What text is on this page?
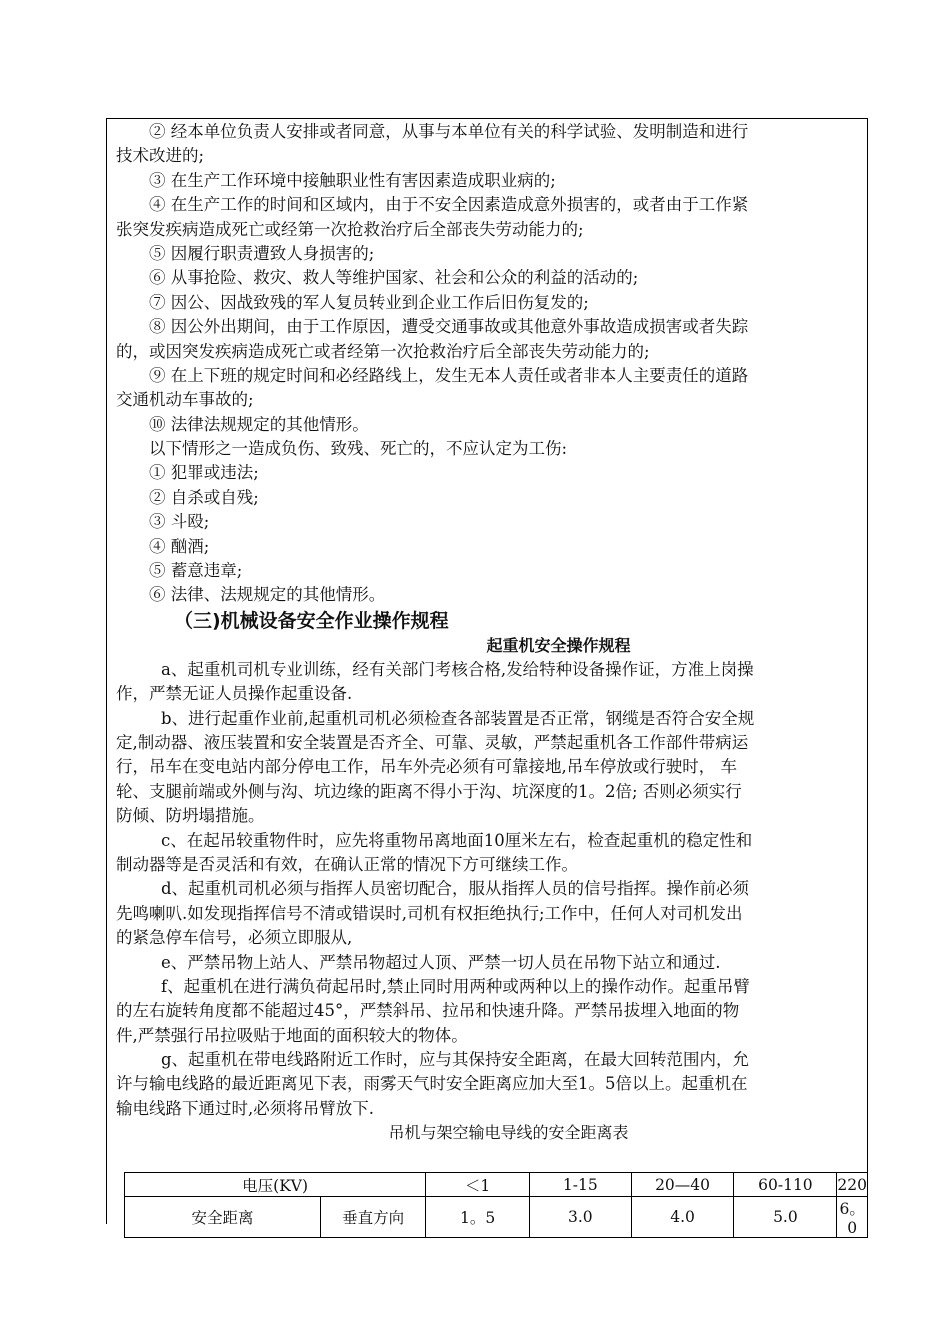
② 经本单位负责人安排或者同意，从事与本单位有关的科学试验、发明制造和进行
技术改进的;
③ 在生产工作环境中接触职业性有害因素造成职业病的;
④ 在生产工作的时间和区域内，由于不安全因素造成意外损害的，或者由于工作紧
张突发疾病造成死亡或经第一次抢救治疗后全部丧失劳动能力的;
⑤ 因履行职责遭致人身损害的;
⑥ 从事抢险、救灾、救人等维护国家、社会和公众的利益的活动的;
⑦ 因公、因战致残的军人复员转业到企业工作后旧伤复发的;
⑧ 因公外出期间，由于工作原因，遭受交通事故或其他意外事故造成损害或者失踪
的，或因突发疾病造成死亡或者经第一次抢救治疗后全部丧失劳动能力的;
⑨ 在上下班的规定时间和必经路线上，发生无本人责任或者非本人主要责任的道路
交通机动车事故的;
⑩ 法律法规规定的其他情形。
以下情形之一造成负伤、致残、死亡的，不应认定为工伤:
① 犯罪或违法;
② 自杀或自残;
③ 斗殴;
④ 酗酒;
⑤ 蓄意违章;
⑥ 法律、法规规定的其他情形。
（三)机械设备安全作业操作规程
起重机安全操作规程
a、起重机司机专业训练，经有关部门考核合格,发给特种设备操作证，方准上岗操
作，严禁无证人员操作起重设备.
b、进行起重作业前,起重机司机必须检查各部装置是否正常，钢缆是否符合安全规
定,制动器、液压装置和安全装置是否齐全、可靠、灵敏，严禁起重机各工作部件带病运
行，吊车在变电站内部分停电工作，吊车外壳必须有可靠接地,吊车停放或行驶时， 车
轮、支腿前端或外侧与沟、坑边缘的距离不得小于沟、坑深度的1。2倍; 否则必须实行
防倾、防坍塌措施。
c、在起吊较重物件时，应先将重物吊离地面10厘米左右，检查起重机的稳定性和
制动器等是否灵活和有效，在确认正常的情况下方可继续工作。
d、起重机司机必须与指挥人员密切配合，服从指挥人员的信号指挥。操作前必须
先鸣喇叭.如发现指挥信号不清或错误时,司机有权拒绝执行;工作中，任何人对司机发出
的紧急停车信号，必须立即服从,
e、严禁吊物上站人、严禁吊物超过人顶、严禁一切人员在吊物下站立和通过.
f、起重机在进行满负荷起吊时,禁止同时用两种或两种以上的操作动作。起重吊臂
的左右旋转角度都不能超过45°，严禁斜吊、拉吊和快速升降。严禁吊拔埋入地面的物
件,严禁强行吊拉吸贴于地面的面积较大的物体。
g、起重机在带电线路附近工作时，应与其保持安全距离，在最大回转范围内，允
许与输电线路的最近距离见下表，雨雾天气时安全距离应加大至1。5倍以上。起重机在
输电线路下通过时,必须将吊臂放下.
吊机与架空输电导线的安全距离表
电压(KV)		＜1	1-15	20—40	60-110	220
安全距离	垂直方向	1。5	3.0	4.0	5.0	6。0
